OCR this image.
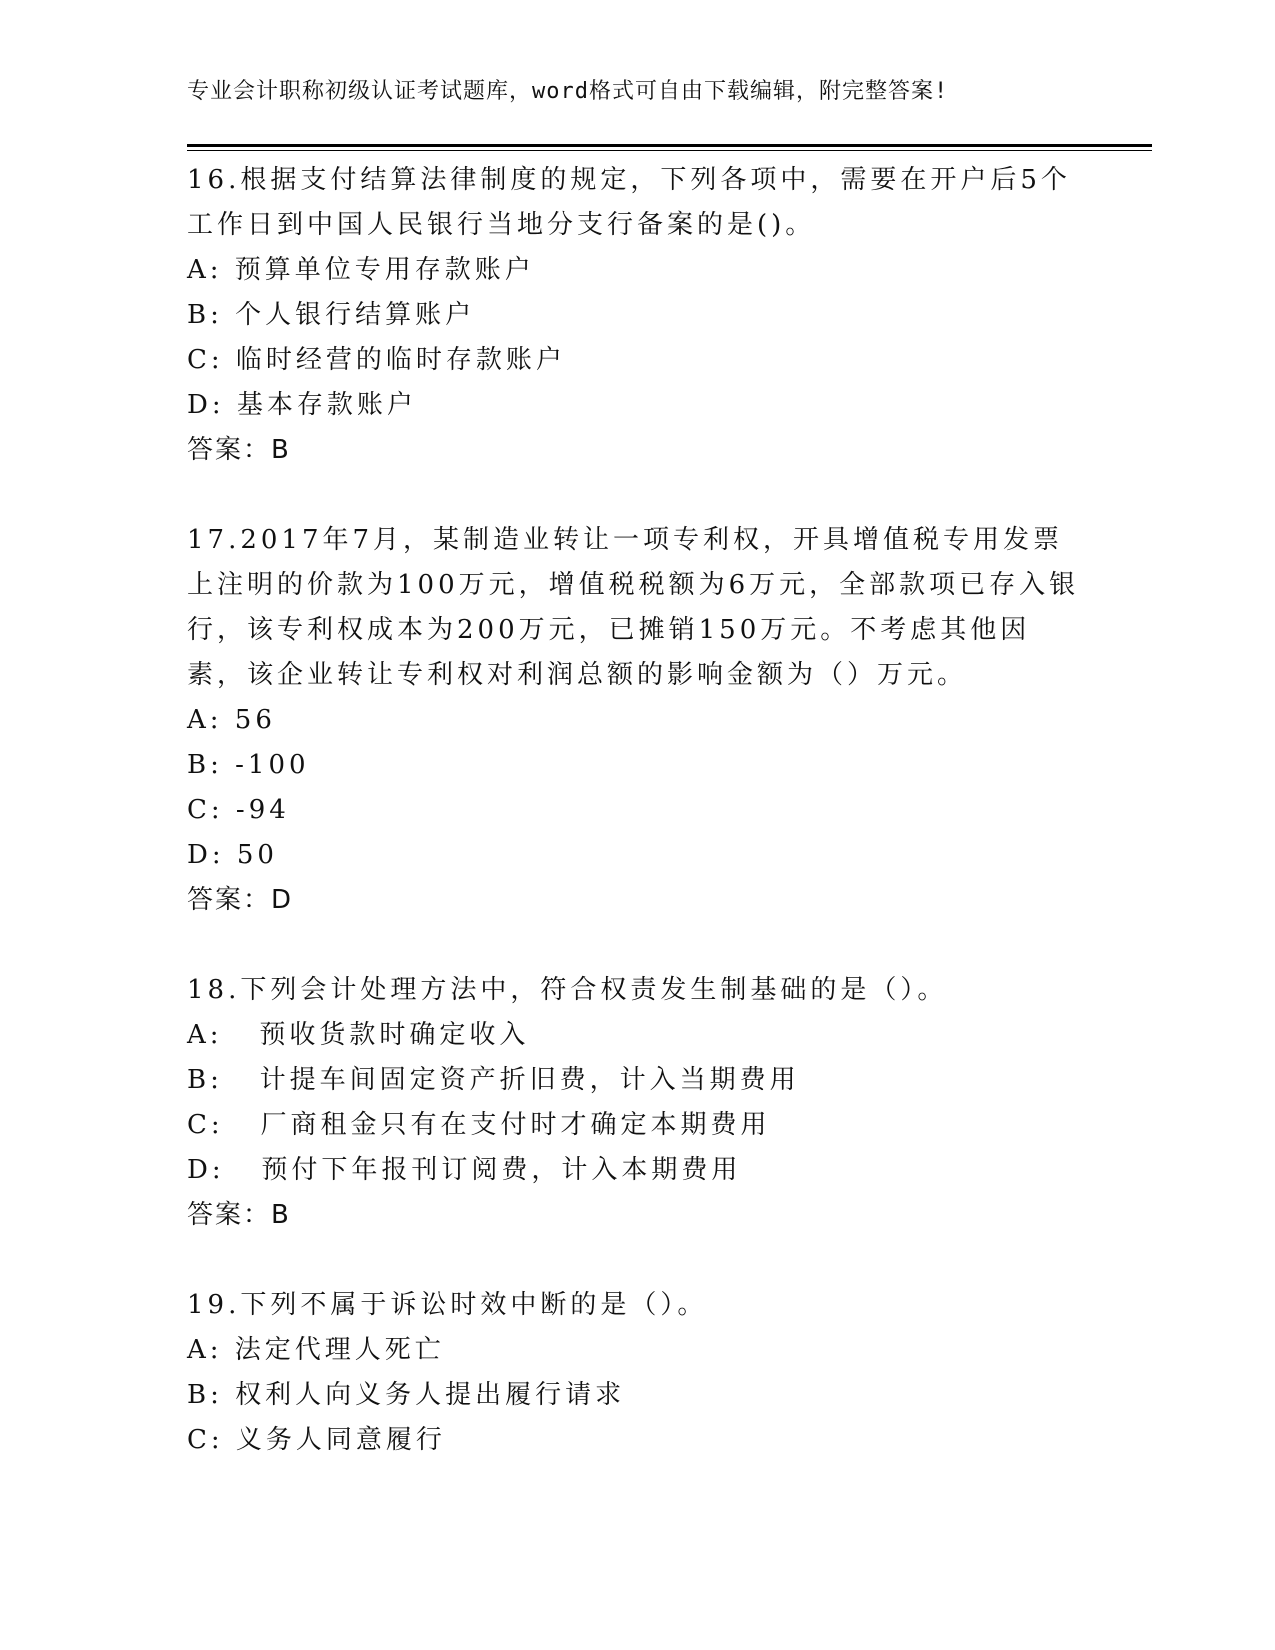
专业会计职称初级认证考试题库，word格式可自由下载编辑，附完整答案!

16.根据支付结算法律制度的规定，下列各项中，需要在开户后5个工作日到中国人民银行当地分支行备案的是()。

A: 预算单位专用存款账户

B: 个人银行结算账户

C: 临时经营的临时存款账户

D: 基本存款账户

答案：B

17.2017年7月，某制造业转让一项专利权，开具增值税专用发票上注明的价款为100万元，增值税税额为6万元，全部款项已存入银行，该专利权成本为200万元，已摊销150万元。不考虑其他因素，该企业转让专利权对利润总额的影响金额为（）万元。

A: 56

B: -100

C: -94

D: 50

答案：D

18.下列会计处理方法中，符合权责发生制基础的是（）。

A:   预收货款时确定收入

B:   计提车间固定资产折旧费，计入当期费用

C:   厂商租金只有在支付时才确定本期费用

D:   预付下年报刊订阅费，计入本期费用

答案：B

19.下列不属于诉讼时效中断的是（）。

A: 法定代理人死亡

B: 权利人向义务人提出履行请求

C: 义务人同意履行
